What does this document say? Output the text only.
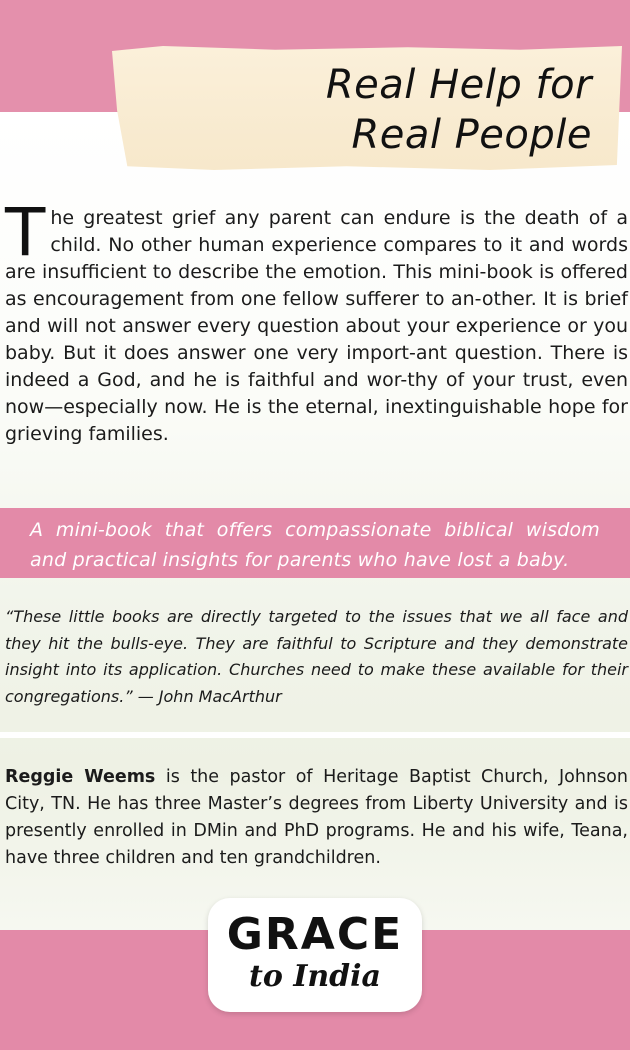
Real Help for
Real People
The greatest grief any parent can endure is the death of a child. No other human experience compares to it and words are insufficient to describe the emotion. This mini-book is offered as encouragement from one fellow sufferer to an-other. It is brief and will not answer every question about your experience or you baby. But it does answer one very import-ant question. There is indeed a God, and he is faithful and wor-thy of your trust, even now—especially now. He is the eternal, inextinguishable hope for grieving families.
A mini-book that offers compassionate biblical wisdom and practical insights for parents who have lost a baby.
“These little books are directly targeted to the issues that we all face and they hit the bulls-eye. They are faithful to Scripture and they demonstrate insight into its application. Churches need to make these available for their congregations.” — John MacArthur
Reggie Weems is the pastor of Heritage Baptist Church, Johnson City, TN. He has three Master’s degrees from Liberty University and is presently enrolled in DMin and PhD programs. He and his wife, Teana, have three children and ten grandchildren.
GRACE
to India
